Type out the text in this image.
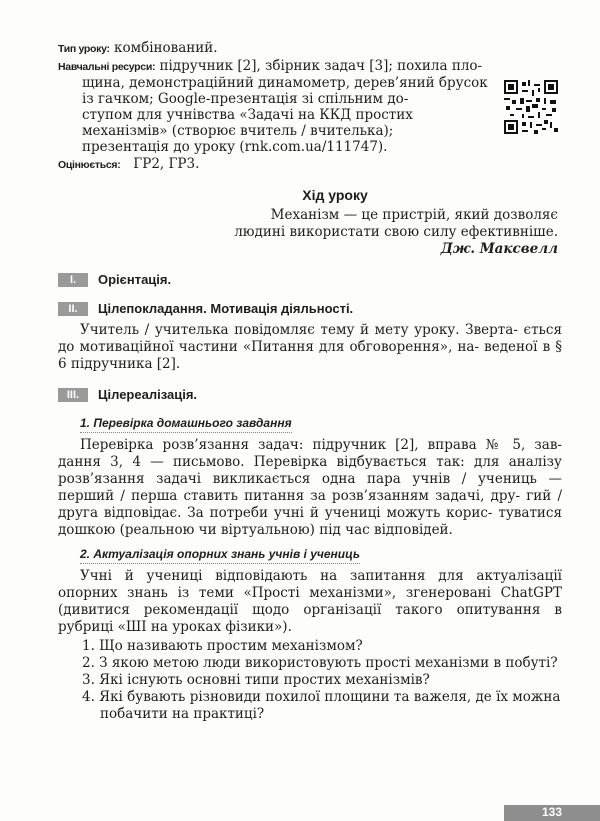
Тип уроку: комбінований.
Навчальні ресурси: підручник [2], збірник задач [3]; похила пло-
щина, демонстраційний динамометр, дерев’яний брусок
із гачком; Google-презентація зі спільним до-
ступом для учнівства «Задачі на ККД простих
механізмів» (створює вчитель / вчителька);
презентація до уроку (rnk.com.ua/111747).
Оцінюється: ГР2, ГР3.
Хід уроку
Механізм — це пристрій, який дозволяє
людині використати свою силу ефективніше.
Дж. Максвелл
I.	Орієнтація.
II.	Цілепокладання. Мотивація діяльності.

Учитель / учителька повідомляє тему й мету уроку. Зверта- ється до мотиваційної частини «Питання для обговорення», на- веденої в § 6 підручника [2].

III.	Цілереалізація.
1. Перевірка домашнього завдання

Перевірка розв’язання задач: підручник [2], вправа № 5, зав- дання 3, 4 — письмово. Перевірка відбувається так: для аналізу розв’язання задачі викликається одна пара учнів / учениць — перший / перша ставить питання за розв’язанням задачі, дру- гий / друга відповідає. За потреби учні й учениці можуть корис- туватися дошкою (реальною чи віртуальною) під час відповідей.

2. Актуалізація опорних знань учнів і учениць

Учні й учениці відповідають на запитання для актуалізації опорних знань із теми «Прості механізми», згенеровані ChatGPT (дивитися рекомендації щодо організації такого опитування в рубриці «ШІ на уроках фізики»).

1. Що називають простим механізмом?
2. З якою метою люди використовують прості механізми в побуті?
3. Які існують основні типи простих механізмів?
4. Які бувають різновиди похилої площини та важеля, де їх можна побачити на практиці?
133
